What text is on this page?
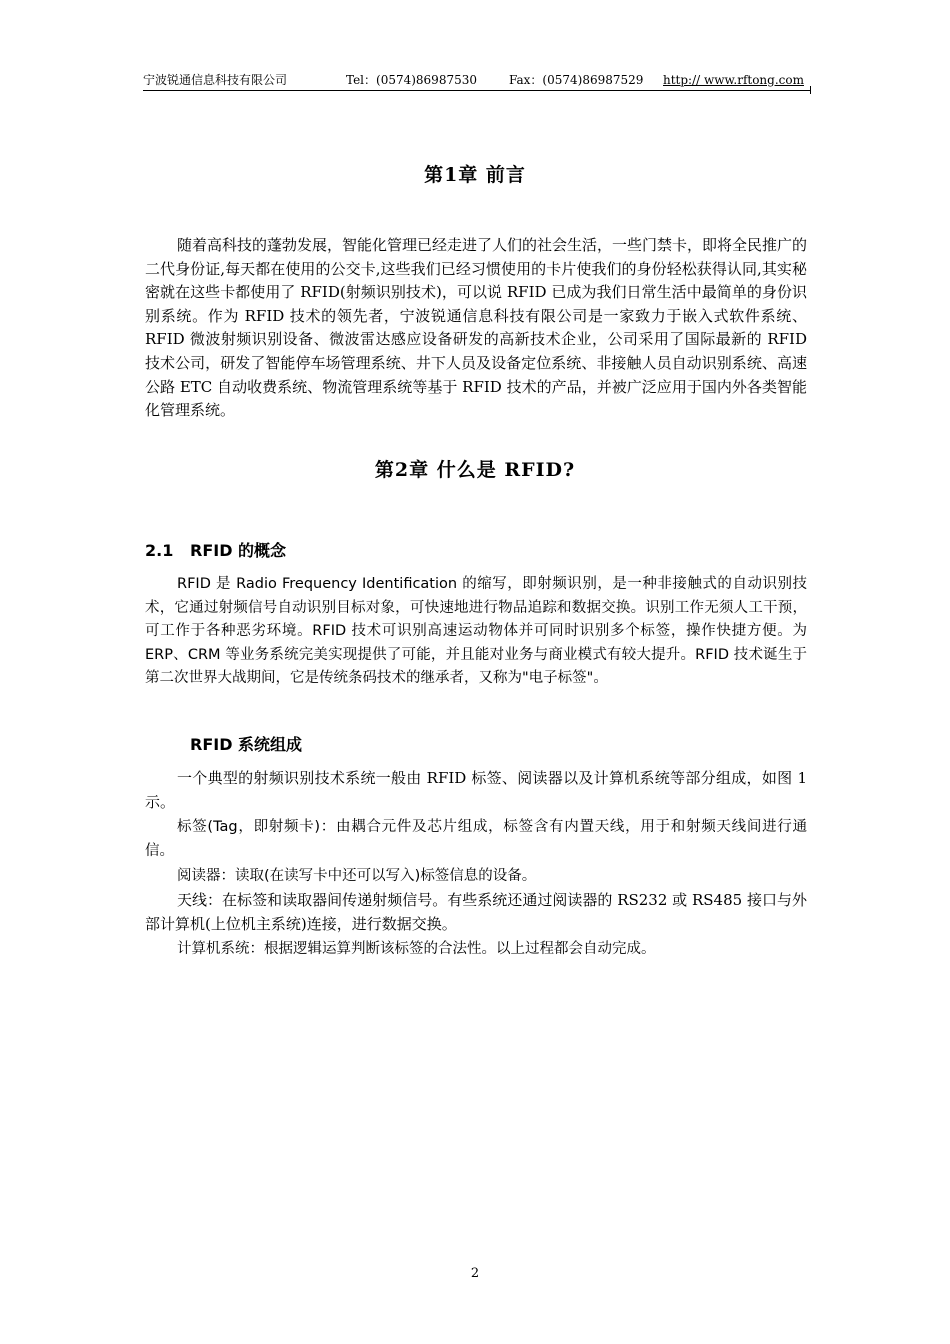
宁波锐通信息科技有限公司	Tel：(0574)86987530	Fax：(0574)86987529 http:// www.rftong.com
第1章 前言

随着高科技的蓬勃发展，智能化管理已经走进了人们的社会生活，一些门禁卡，即将全民推广的二代身份证,每天都在使用的公交卡,这些我们已经习惯使用的卡片使我们的身份轻松获得认同,其实秘密就在这些卡都使用了 RFID(射频识别技术)，可以说 RFID 已成为我们日常生活中最简单的身份识别系统。作为 RFID 技术的领先者，宁波锐通信息科技有限公司是一家致力于嵌入式软件系统、RFID 微波射频识别设备、微波雷达感应设备研发的高新技术企业，公司采用了国际最新的 RFID 技术公司，研发了智能停车场管理系统、井下人员及设备定位系统、非接触人员自动识别系统、高速公路 ETC 自动收费系统、物流管理系统等基于 RFID 技术的产品，并被广泛应用于国内外各类智能化管理系统。

第2章 什么是 RFID?
2.1 RFID 的概念

RFID 是 Radio Frequency Identification 的缩写，即射频识别，是一种非接触式的自动识别技术，它通过射频信号自动识别目标对象，可快速地进行物品追踪和数据交换。识别工作无须人工干预，可工作于各种恶劣环境。RFID 技术可识别高速运动物体并可同时识别多个标签，操作快捷方便。为 ERP、CRM 等业务系统完美实现提供了可能，并且能对业务与商业模式有较大提升。RFID 技术诞生于第二次世界大战期间，它是传统条码技术的继承者，又称为"电子标签"。

RFID 系统组成

一个典型的射频识别技术系统一般由 RFID 标签、阅读器以及计算机系统等部分组成，如图 1 示。

标签(Tag，即射频卡)：由耦合元件及芯片组成，标签含有内置天线，用于和射频天线间进行通信。

阅读器：读取(在读写卡中还可以写入)标签信息的设备。

天线：在标签和读取器间传递射频信号。有些系统还通过阅读器的 RS232 或 RS485 接口与外部计算机(上位机主系统)连接，进行数据交换。

计算机系统：根据逻辑运算判断该标签的合法性。以上过程都会自动完成。

2
